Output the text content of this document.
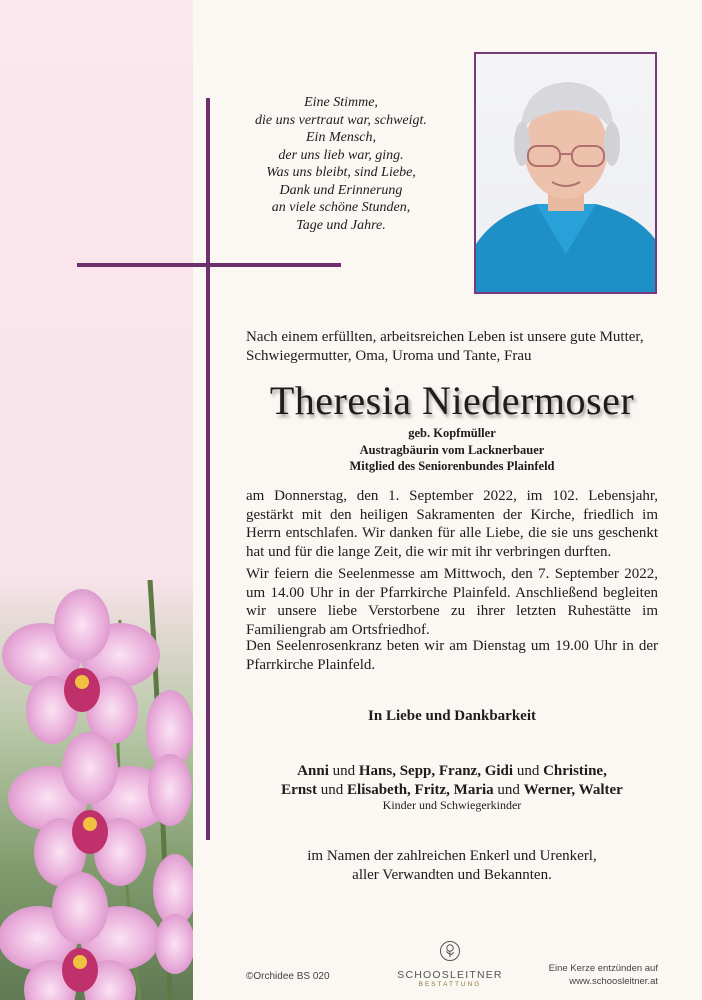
Eine Stimme,
die uns vertraut war, schweigt.
Ein Mensch,
der uns lieb war, ging.
Was uns bleibt, sind Liebe,
Dank und Erinnerung
an viele schöne Stunden,
Tage und Jahre.
Nach einem erfüllten, arbeitsreichen Leben ist unsere gute Mutter, Schwiegermutter, Oma, Uroma und Tante, Frau
Theresia Niedermoser
geb. Kopfmüller
Austragbäurin vom Lacknerbauer
Mitglied des Seniorenbundes Plainfeld
am Donnerstag, den 1. September 2022, im 102. Lebensjahr, gestärkt mit den heiligen Sakramenten der Kirche, friedlich im Herrn entschlafen. Wir danken für alle Liebe, die sie uns geschenkt hat und für die lange Zeit, die wir mit ihr verbringen durften.
Wir feiern die Seelenmesse am Mittwoch, den 7. September 2022, um 14.00 Uhr in der Pfarrkirche Plainfeld. Anschließend begleiten wir unsere liebe Verstorbene zu ihrer letzten Ruhestätte im Familiengrab am Ortsfriedhof.
Den Seelenrosenkranz beten wir am Dienstag um 19.00 Uhr in der Pfarrkirche Plainfeld.
In Liebe und Dankbarkeit
Anni und Hans, Sepp, Franz, Gidi und Christine,
Ernst und Elisabeth, Fritz, Maria und Werner, Walter
Kinder und Schwiegerkinder
im Namen der zahlreichen Enkerl und Urenkerl,
aller Verwandten und Bekannten.
©Orchidee BS 020	SCHOOSLEITNER
BESTATTUNG
Eine Kerze entzünden auf
www.schoosleitner.at
